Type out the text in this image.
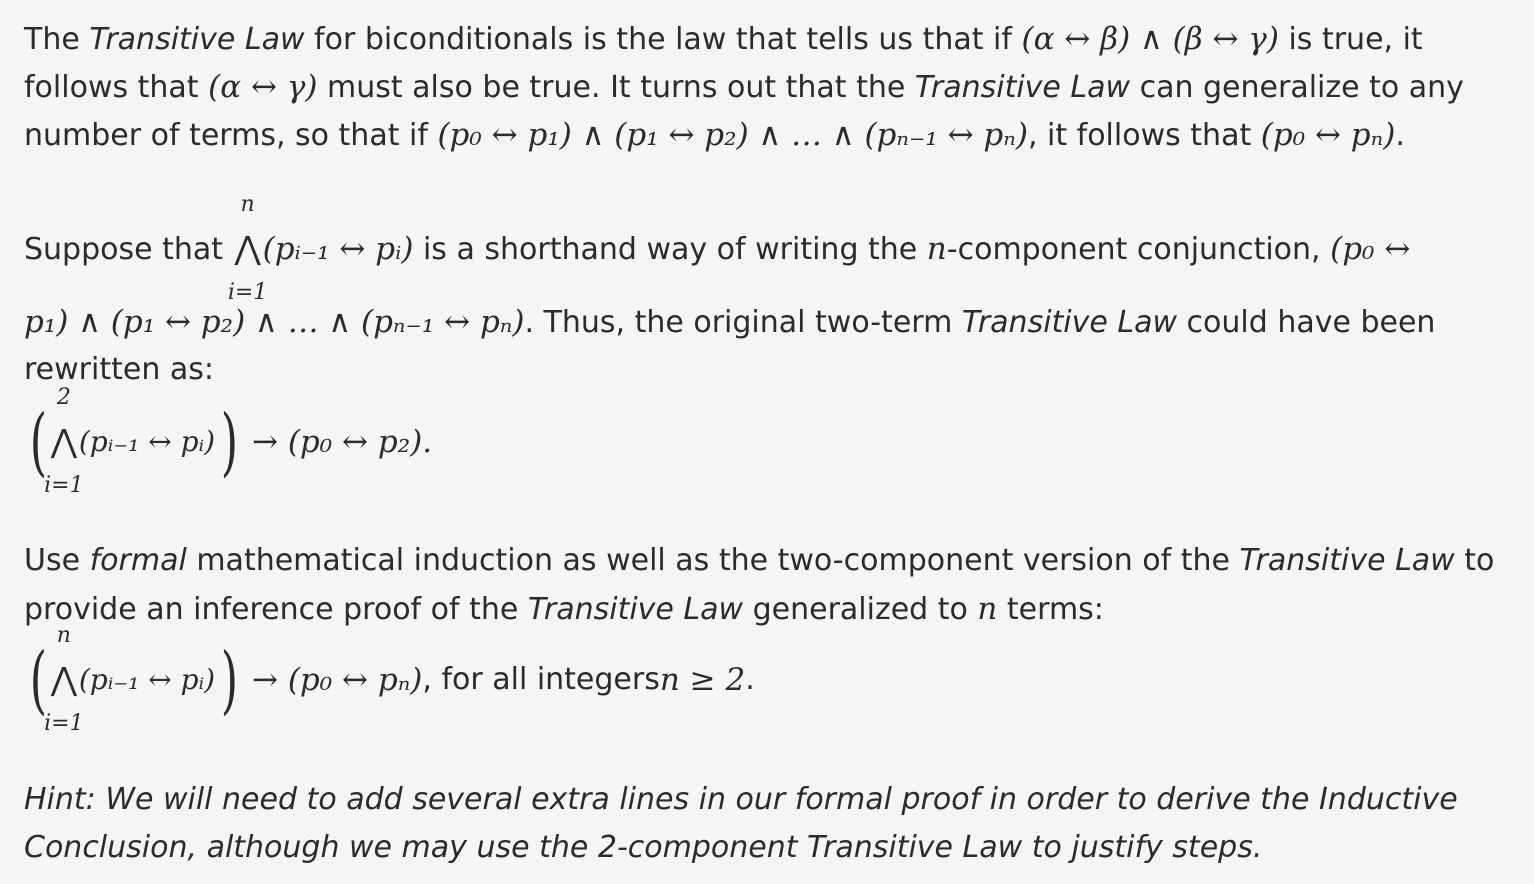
The Transitive Law for biconditionals is the law that tells us that if (α ↔ β) ∧ (β ↔ γ) is true, it
follows that (α ↔ γ) must also be true. It turns out that the Transitive Law can generalize to any
number of terms, so that if (p₀ ↔ p₁) ∧ (p₁ ↔ p₂) ∧ … ∧ (pₙ₋₁ ↔ pₙ), it follows that (p₀ ↔ pₙ).
Suppose that
n
⋀
i=1
(pᵢ₋₁ ↔ pᵢ) is a shorthand way of writing the n-component conjunction, (p₀ ↔
p₁) ∧ (p₁ ↔ p₂) ∧ … ∧ (pₙ₋₁ ↔ pₙ). Thus, the original two-term Transitive Law could have been
rewritten as:
(
2
⋀
i=1
(pᵢ₋₁ ↔ pᵢ) ) → (p₀ ↔ p₂).
Use formal mathematical induction as well as the two-component version of the Transitive Law to
provide an inference proof of the Transitive Law generalized to n terms:
(
n
⋀
i=1
(pᵢ₋₁ ↔ pᵢ) ) → (p₀ ↔ pₙ) , for all integers n ≥ 2 .
Hint: We will need to add several extra lines in our formal proof in order to derive the Inductive
Conclusion, although we may use the 2-component Transitive Law to justify steps.
